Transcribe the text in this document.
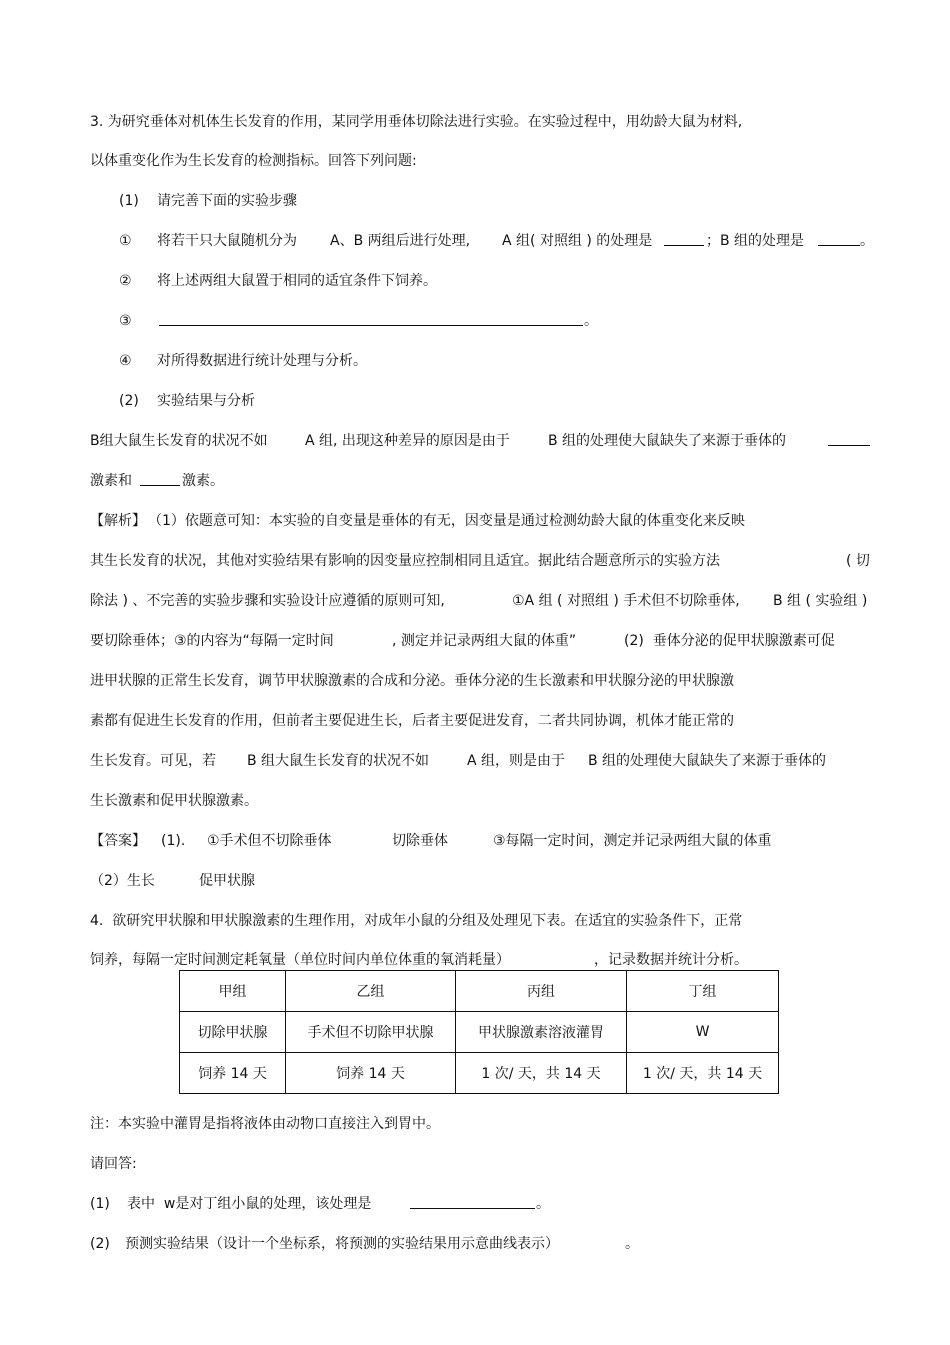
3. 为研究垂体对机体生长发育的作用，某同学用垂体切除法进行实验。在实验过程中，用幼龄大鼠为材料,
以体重变化作为生长发育的检测指标。回答下列问题:
(1) 请完善下面的实验步骤
① 将若干只大鼠随机分为 A、B 两组后进行处理, A 组( 对照组 ) 的处理是	；B 组的处理是	。
② 将上述两组大鼠置于相同的适宜条件下饲养。
③	。
④ 对所得数据进行统计处理与分析。
(2) 实验结果与分析
B组大鼠生长发育的状况不如	A 组, 出现这种差异的原因是由于	B 组的处理使大鼠缺失了来源于垂体的
激素和	激素。
【解析】 （1）依题意可知：本实验的自变量是垂体的有无，因变量是通过检测幼龄大鼠的体重变化来反映
其生长发育的状况，其他对实验结果有影响的因变量应控制相同且适宜。据此结合题意所示的实验方法	( 切
除法 ) 、不完善的实验步骤和实验设计应遵循的原则可知,	①A 组 ( 对照组 ) 手术但不切除垂体, B 组 ( 实验组 )
要切除垂体；③的内容为“每隔一定时间	, 测定并记录两组大鼠的体重”	(2)  垂体分泌的促甲状腺激素可促
进甲状腺的正常生长发育，调节甲状腺激素的合成和分泌。垂体分泌的生长激素和甲状腺分泌的甲状腺激
素都有促进生长发育的作用，但前者主要促进生长，后者主要促进发育，二者共同协调，机体才能正常的
生长发育。可见，若 B 组大鼠生长发育的状况不如	A 组，则是由于 B 组的处理使大鼠缺失了来源于垂体的
生长激素和促甲状腺激素。
【答案】 (1). ①手术但不切除垂体	切除垂体	③每隔一定时间，测定并记录两组大鼠的体重
（2）生长	促甲状腺
4.  欲研究甲状腺和甲状腺激素的生理作用，对成年小鼠的分组及处理见下表。在适宜的实验条件下，正常
饲养，每隔一定时间测定耗氧量（单位时间内单位体重的氧消耗量）	，记录数据并统计分析。
甲组	乙组	丙组	丁组
切除甲状腺	手术但不切除甲状腺	甲状腺激素溶液灌胃	W
饲养 14 天	饲养 14 天	1 次/ 天，共 14 天	1 次/ 天，共 14 天
注：本实验中灌胃是指将液体由动物口直接注入到胃中。
请回答:
(1) 表中  w是对丁组小鼠的处理，该处理是	。
(2) 预测实验结果（设计一个坐标系，将预测的实验结果用示意曲线表示）	。
